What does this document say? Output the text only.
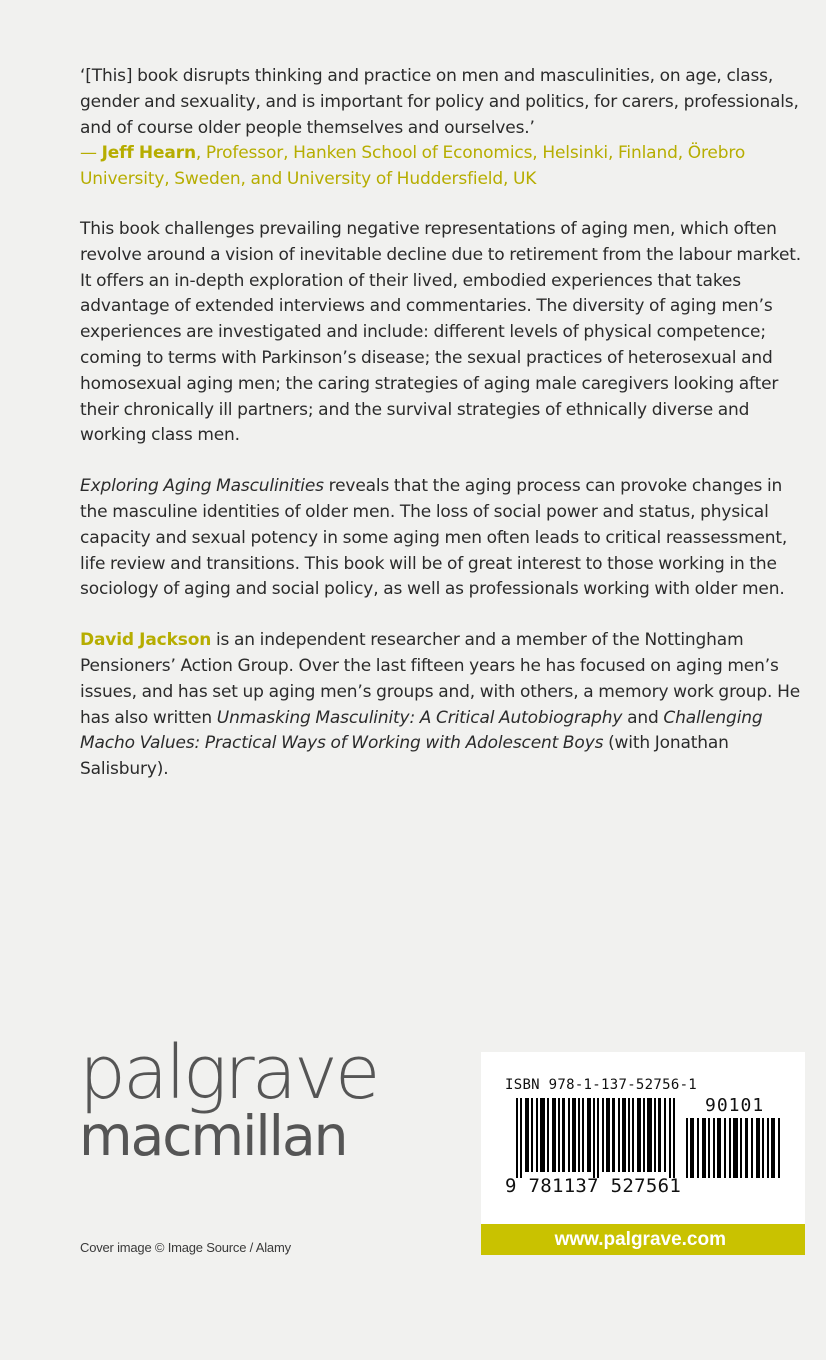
‘[This] book disrupts thinking and practice on men and masculinities, on age, class, gender and sexuality, and is important for policy and politics, for carers, professionals, and of course older people themselves and ourselves.’
— Jeff Hearn, Professor, Hanken School of Economics, Helsinki, Finland, Örebro University, Sweden, and University of Huddersfield, UK

This book challenges prevailing negative representations of aging men, which often revolve around a vision of inevitable decline due to retirement from the labour market. It offers an in-depth exploration of their lived, embodied experiences that takes advantage of extended interviews and commentaries. The diversity of aging men’s experiences are investigated and include: different levels of physical competence; coming to terms with Parkinson’s disease; the sexual practices of heterosexual and homosexual aging men; the caring strategies of aging male caregivers looking after their chronically ill partners; and the survival strategies of ethnically diverse and working class men.

Exploring Aging Masculinities reveals that the aging process can provoke changes in the masculine identities of older men. The loss of social power and status, physical capacity and sexual potency in some aging men often leads to critical reassessment, life review and transitions. This book will be of great interest to those working in the sociology of aging and social policy, as well as professionals working with older men.

David Jackson is an independent researcher and a member of the Nottingham Pensioners’ Action Group. Over the last fifteen years he has focused on aging men’s issues, and has set up aging men’s groups and, with others, a memory work group. He has also written Unmasking Masculinity: A Critical Autobiography and Challenging Macho Values: Practical Ways of Working with Adolescent Boys (with Jonathan Salisbury).

palgrave
macmillan
Cover image © Image Source / Alamy
ISBN 978-1-137-52756-1
90101
9 781137 527561
www.palgrave.com
